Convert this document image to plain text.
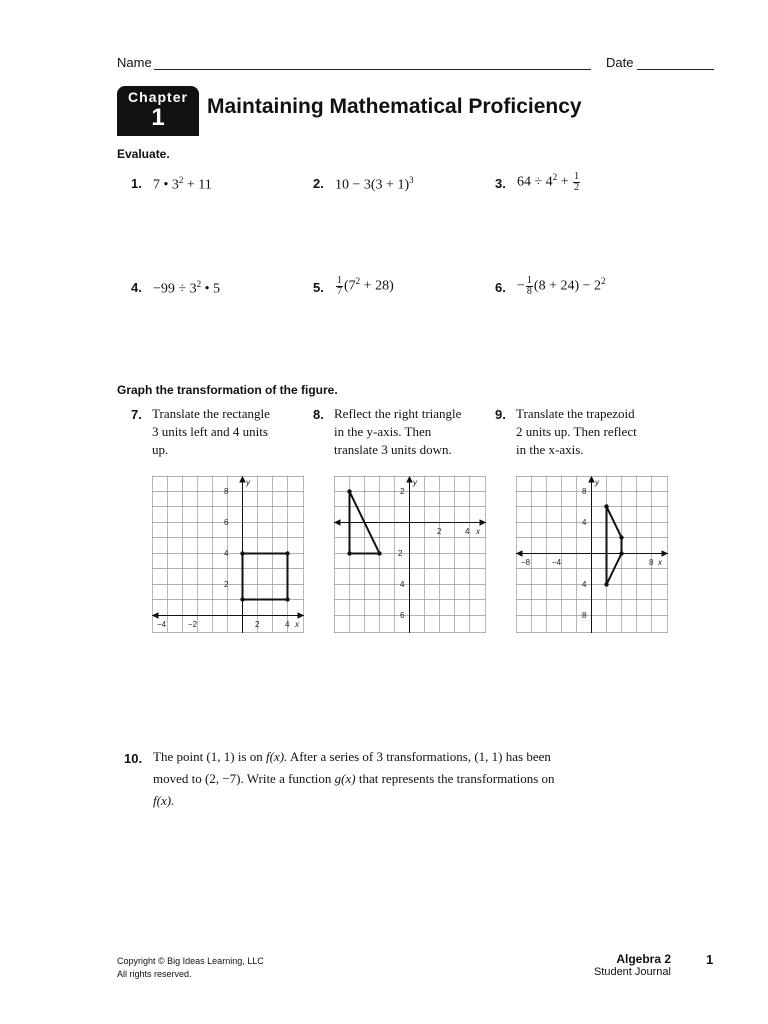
Name	Date
Chapter
1	Maintaining Mathematical Proficiency
Evaluate.
1. 7 • $3^2 + 11$	2. $10 - 3(3 + 1)^3$	3. $64 \div 4^2 + \frac{1}{2}$
4. $-99 \div 3^2$ • 5	5. $\frac{1}{7} (7^2 + 28)$	6. − $\frac{1}{8} (8 + 24) - 2^2$
Graph the transformation of the figure.
7. Translate the rectangle
3 units left and 4 units
up.
8. Reflect the right triangle
in the y-axis. Then
translate 3 units down.
9. Translate the trapezoid
2 units up. Then reflect
in the x-axis.
8
6
4
2
−4	−2	2	4 x
y
2
2
4
6
2	4 x
y
8
4
4
8
−8	−4	8 x
y
10. The point (1, 1) is on f(x). After a series of 3 transformations, (1, 1) has been
moved to (2, −7). Write a function g(x) that represents the transformations on
f(x).
Copyright © Big Ideas Learning, LLC
All rights reserved.
Algebra 2
Student Journal
1
